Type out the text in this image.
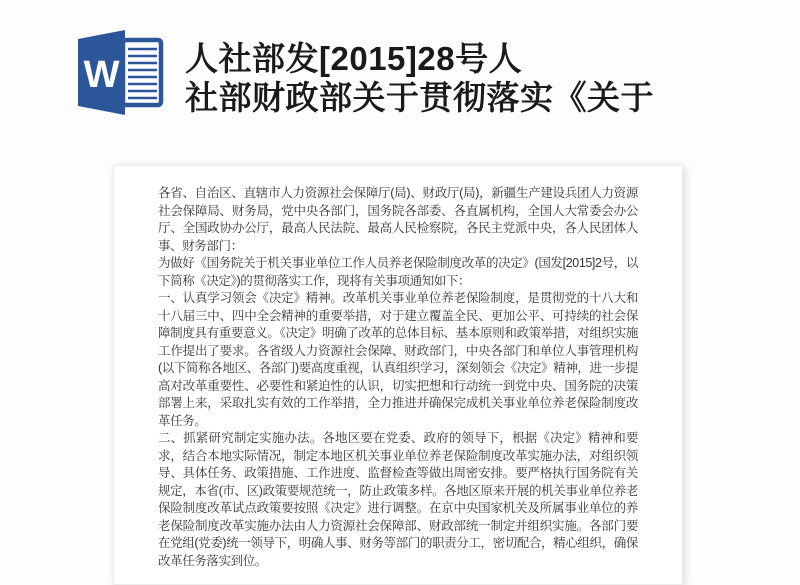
W 人社部发[2015]28号人
社部财政部关于贯彻落实《关于

各省、自治区、直辖市人力资源社会保障厅(局)、财政厅(局)，新疆生产建设兵团人力资源社会保障局、财务局，党中央各部门，国务院各部委、各直属机构，全国人大常委会办公厅、全国政协办公厅，最高人民法院、最高人民检察院，各民主党派中央，各人民团体人事、财务部门：

为做好《国务院关于机关事业单位工作人员养老保险制度改革的决定》(国发[2015]2号，以下简称《决定》)的贯彻落实工作，现将有关事项通知如下：

一、认真学习领会《决定》精神。改革机关事业单位养老保险制度，是贯彻党的十八大和十八届三中、四中全会精神的重要举措，对于建立覆盖全民、更加公平、可持续的社会保障制度具有重要意义。《决定》明确了改革的总体目标、基本原则和政策举措，对组织实施工作提出了要求。各省级人力资源社会保障、财政部门，中央各部门和单位人事管理机构(以下简称各地区、各部门)要高度重视，认真组织学习，深刻领会《决定》精神，进一步提高对改革重要性、必要性和紧迫性的认识，切实把想和行动统一到党中央、国务院的决策部署上来，采取扎实有效的工作举措，全力推进并确保完成机关事业单位养老保险制度改革任务。

二、抓紧研究制定实施办法。各地区要在党委、政府的领导下，根据《决定》精神和要求，结合本地实际情况，制定本地区机关事业单位养老保险制度改革实施办法，对组织领导、具体任务、政策措施、工作进度、监督检查等做出周密安排。要严格执行国务院有关规定，本省(市、区)政策要规范统一，防止政策多样。各地区原来开展的机关事业单位养老保险制度改革试点政策要按照《决定》进行调整。在京中央国家机关及所属事业单位的养老保险制度改革实施办法由人力资源社会保障部、财政部统一制定并组织实施。各部门要在党组(党委)统一领导下，明确人事、财务等部门的职责分工，密切配合，精心组织，确保改革任务落实到位。
